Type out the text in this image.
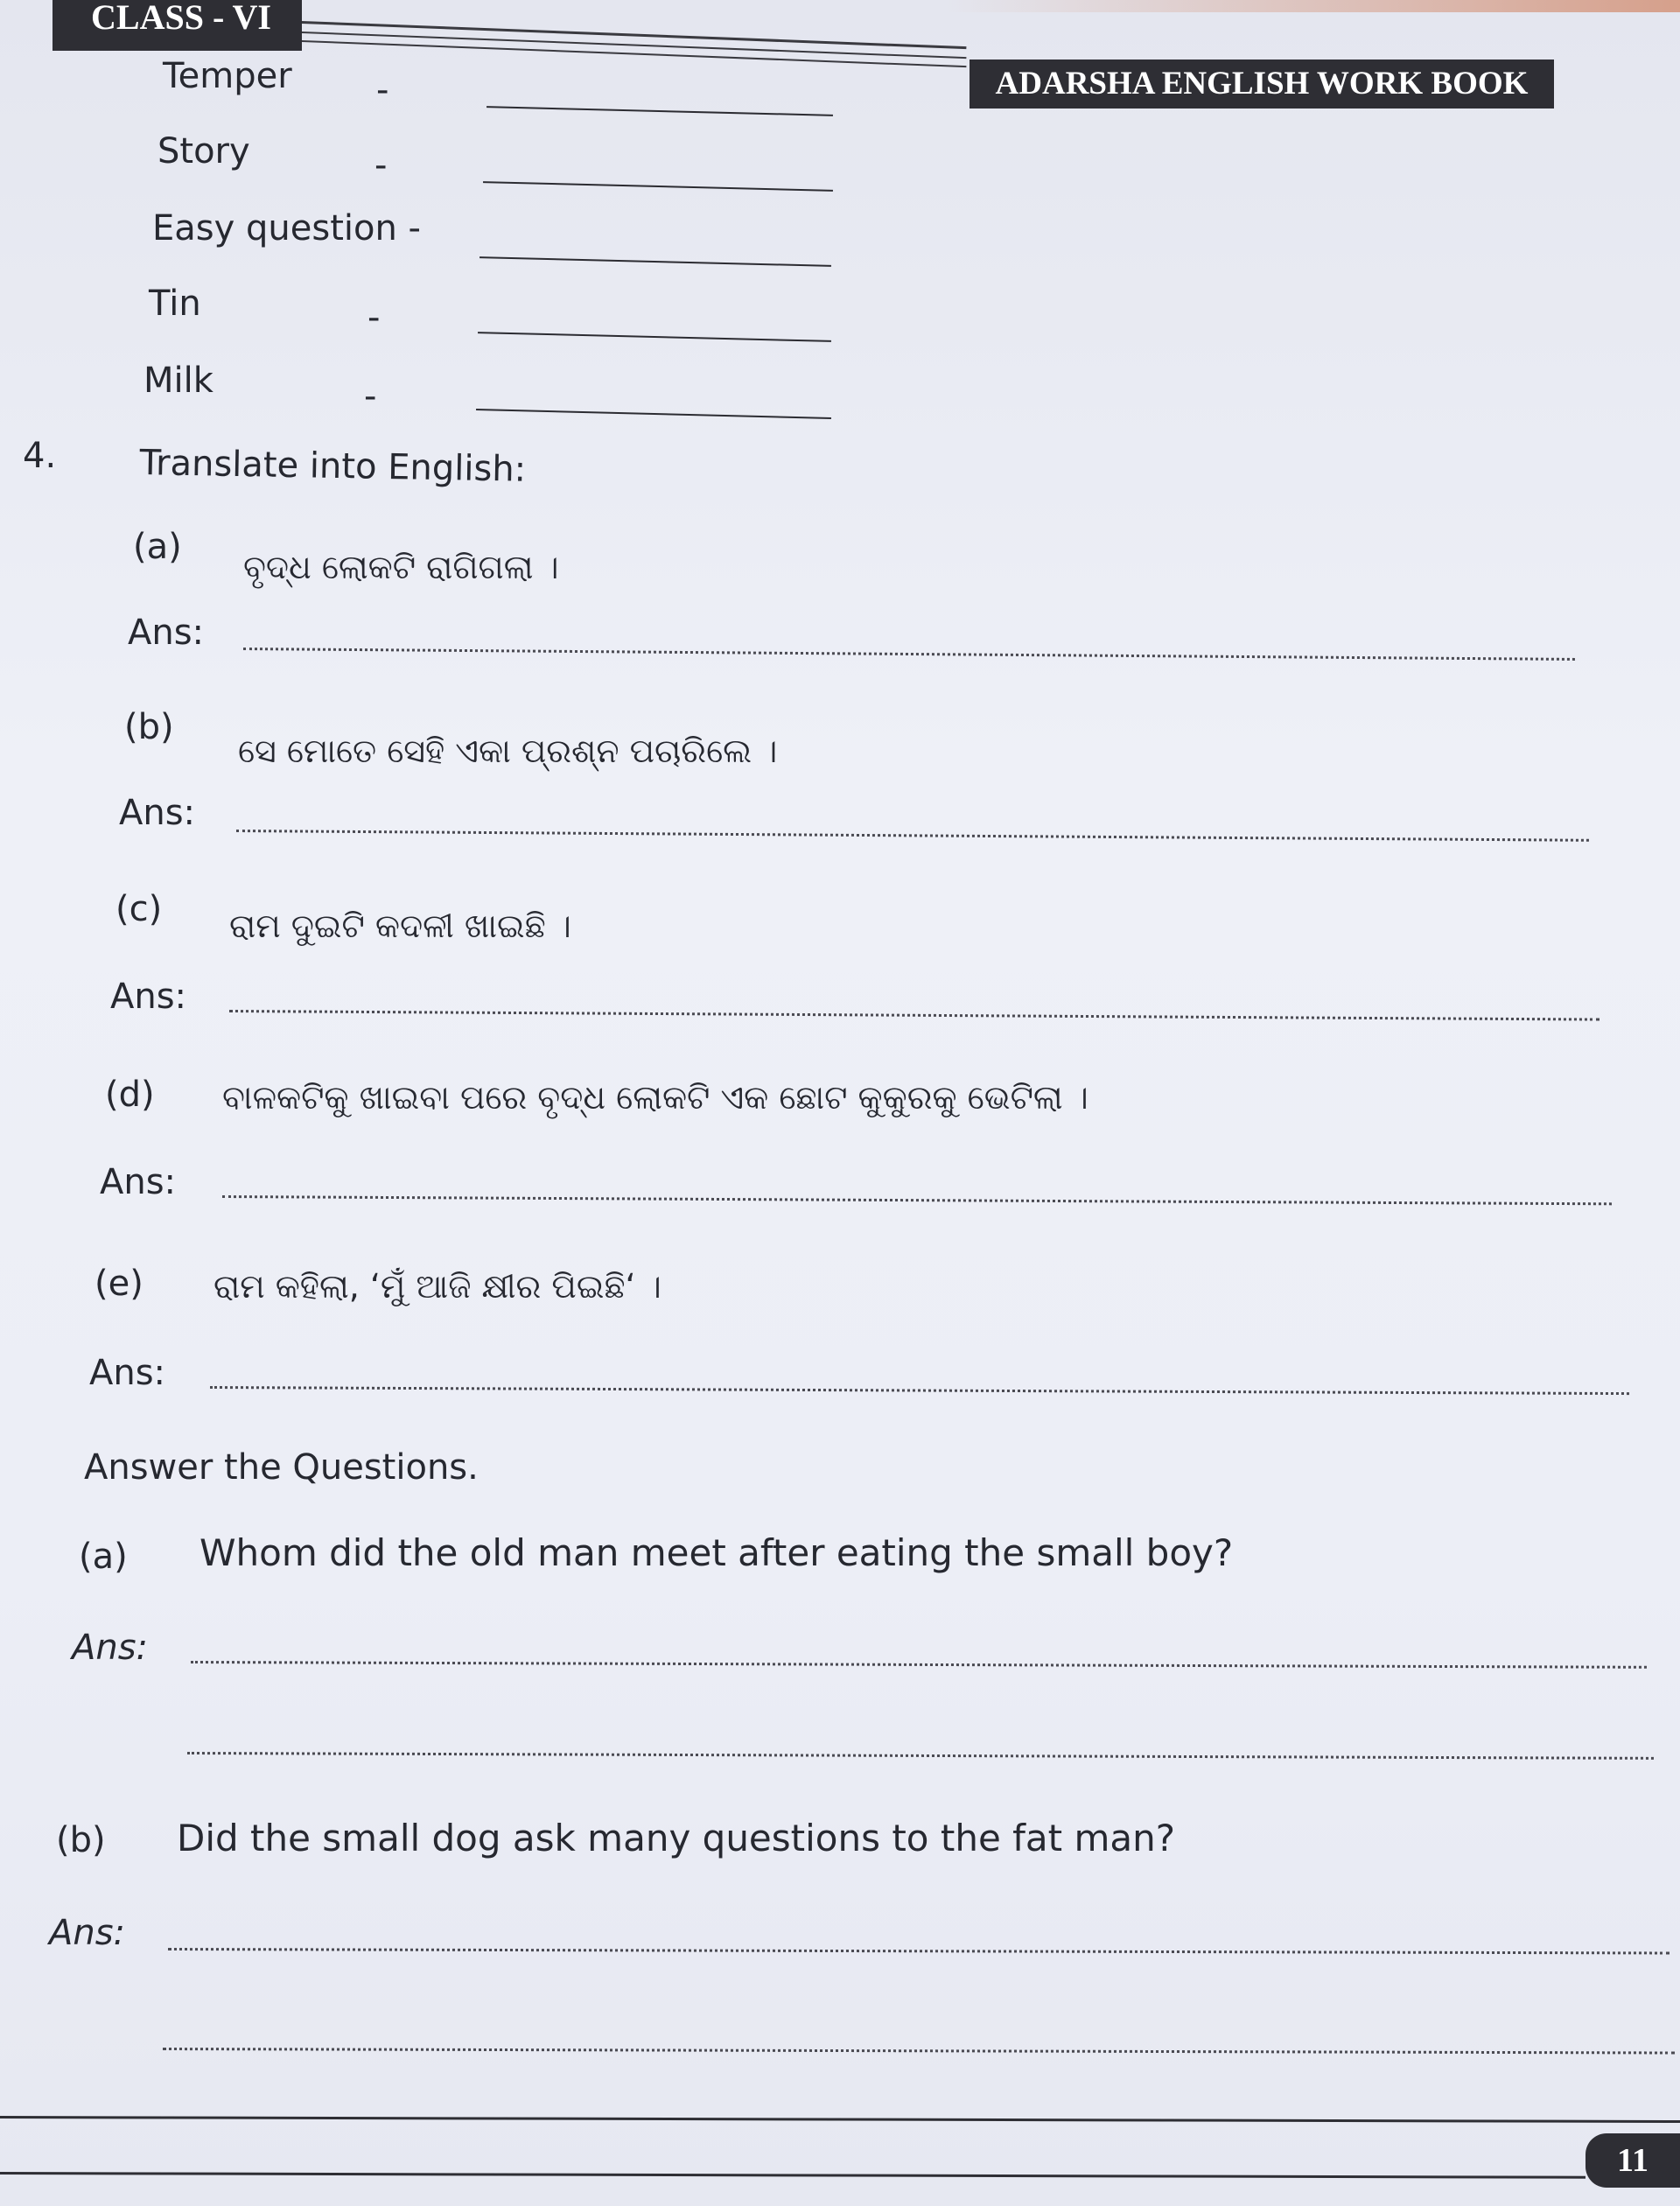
CLASS - VI
ADARSHA ENGLISH WORK BOOK
Temper -
Story	-
Easy question -
Tin	-
Milk	-
4. Translate into English:
(a) ବୃଦ୍ଧ ଲୋକଟି ରାଗିଗଲା ।
Ans:
(b)
ସେ ମୋତେ ସେହି ଏକା ପ୍ରଶ୍ନ ପଚାରିଲେ ।
Ans:
(c) ରାମ ଦୁଇଟି କଦଳୀ ଖାଇଛି ।
Ans:
(d) ବାଳକଟିକୁ ଖାଇବା ପରେ ବୃଦ୍ଧ ଲୋକଟି ଏକ ଛୋଟ କୁକୁରକୁ ଭେଟିଲା ।
Ans:
(e) ରାମ କହିଲା, ‘ମୁଁ ଆଜି କ୍ଷୀର ପିଇଛି‘ ।
Ans:
Answer the Questions.
(a) Whom did the old man meet after eating the small boy?
Ans:
(b) Did the small dog ask many questions to the fat man?
Ans:
11
